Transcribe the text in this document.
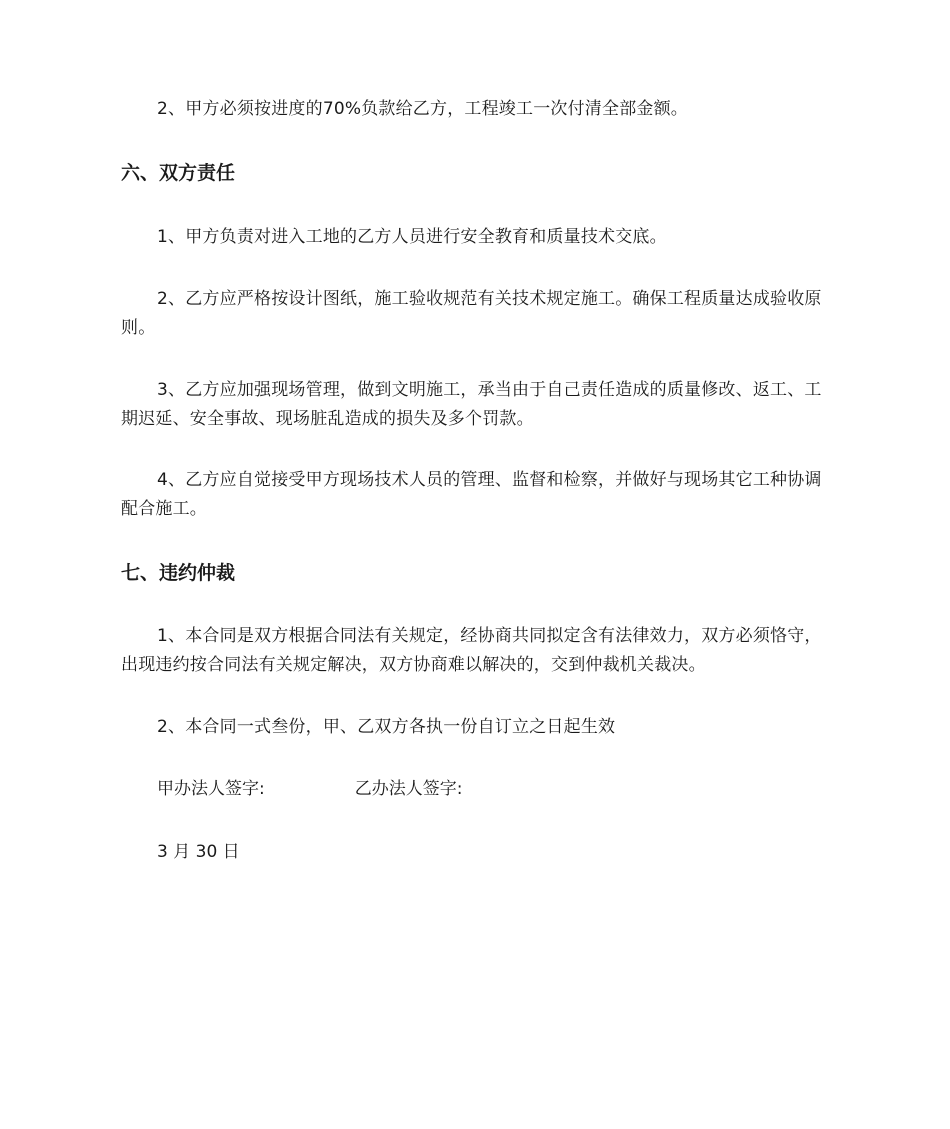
2、甲方必须按进度的70%负款给乙方，工程竣工一次付清全部金额。

六、双方责任

1、甲方负责对进入工地的乙方人员进行安全教育和质量技术交底。

2、乙方应严格按设计图纸，施工验收规范有关技术规定施工。确保工程质量达成验收原则。

3、乙方应加强现场管理，做到文明施工，承当由于自己责任造成的质量修改、返工、工期迟延、安全事故、现场脏乱造成的损失及多个罚款。

4、乙方应自觉接受甲方现场技术人员的管理、监督和检察，并做好与现场其它工种协调配合施工。

七、违约仲裁

1、本合同是双方根据合同法有关规定，经协商共同拟定含有法律效力，双方必须恪守，出现违约按合同法有关规定解决，双方协商难以解决的，交到仲裁机关裁决。

2、本合同一式叁份，甲、乙双方各执一份自订立之日起生效

甲办法人签字:	乙办法人签字:

3 月 30 日
